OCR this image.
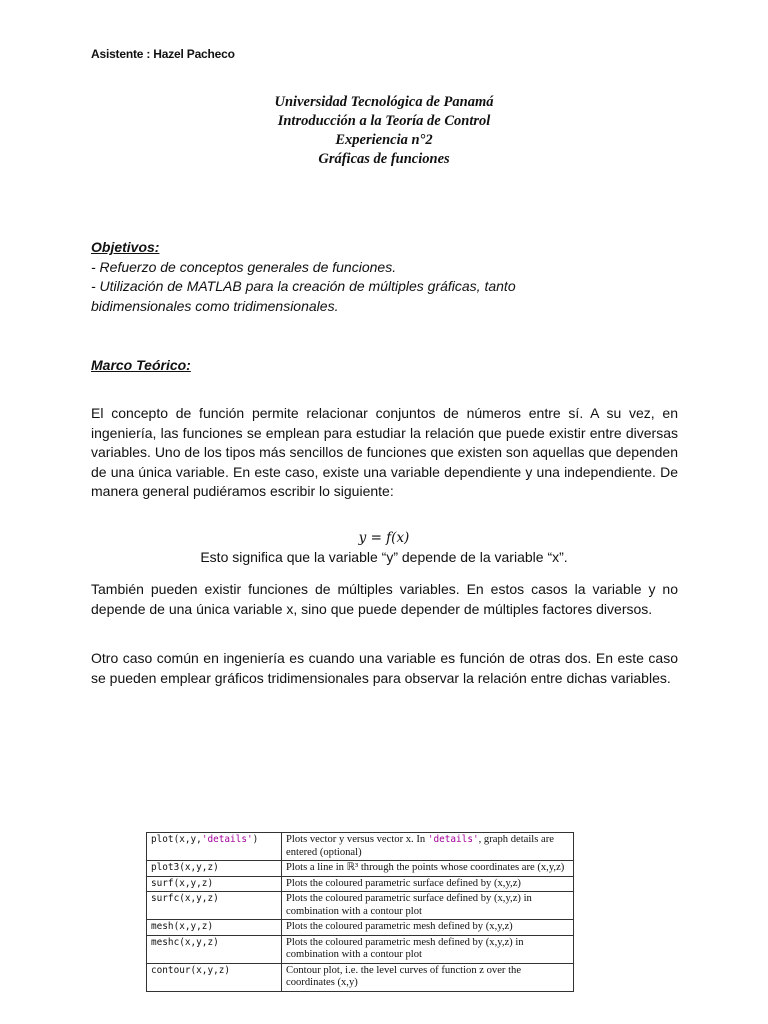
Asistente : Hazel Pacheco
Universidad Tecnológica de Panamá
Introducción a la Teoría de Control
Experiencia n°2
Gráficas de funciones
Objetivos:
- Refuerzo de conceptos generales de funciones.
- Utilización de MATLAB para la creación de múltiples gráficas, tanto
bidimensionales como tridimensionales.
Marco Teórico:
El concepto de función permite relacionar conjuntos de números entre sí. A su vez, en ingeniería, las funciones se emplean para estudiar la relación que puede existir entre diversas variables. Uno de los tipos más sencillos de funciones que existen son aquellas que dependen de una única variable. En este caso, existe una variable dependiente y una independiente. De manera general pudiéramos escribir lo siguiente:
y = f(x)
Esto significa que la variable “y” depende de la variable “x”.
También pueden existir funciones de múltiples variables. En estos casos la variable y no depende de una única variable x, sino que puede depender de múltiples factores diversos.
Otro caso común en ingeniería es cuando una variable es función de otras dos. En este caso se pueden emplear gráficos tridimensionales para observar la relación entre dichas variables.
plot(x,y,'details')	Plots vector y versus vector x. In 'details', graph details are entered (optional)
plot3(x,y,z)	Plots a line in ℝ³ through the points whose coordinates are (x,y,z)
surf(x,y,z)	Plots the coloured parametric surface defined by (x,y,z)
surfc(x,y,z)	Plots the coloured parametric surface defined by (x,y,z) in combination with a contour plot
mesh(x,y,z)	Plots the coloured parametric mesh defined by (x,y,z)
meshc(x,y,z)	Plots the coloured parametric mesh defined by (x,y,z) in combination with a contour plot
contour(x,y,z)	Contour plot, i.e. the level curves of function z over the coordinates (x,y)
